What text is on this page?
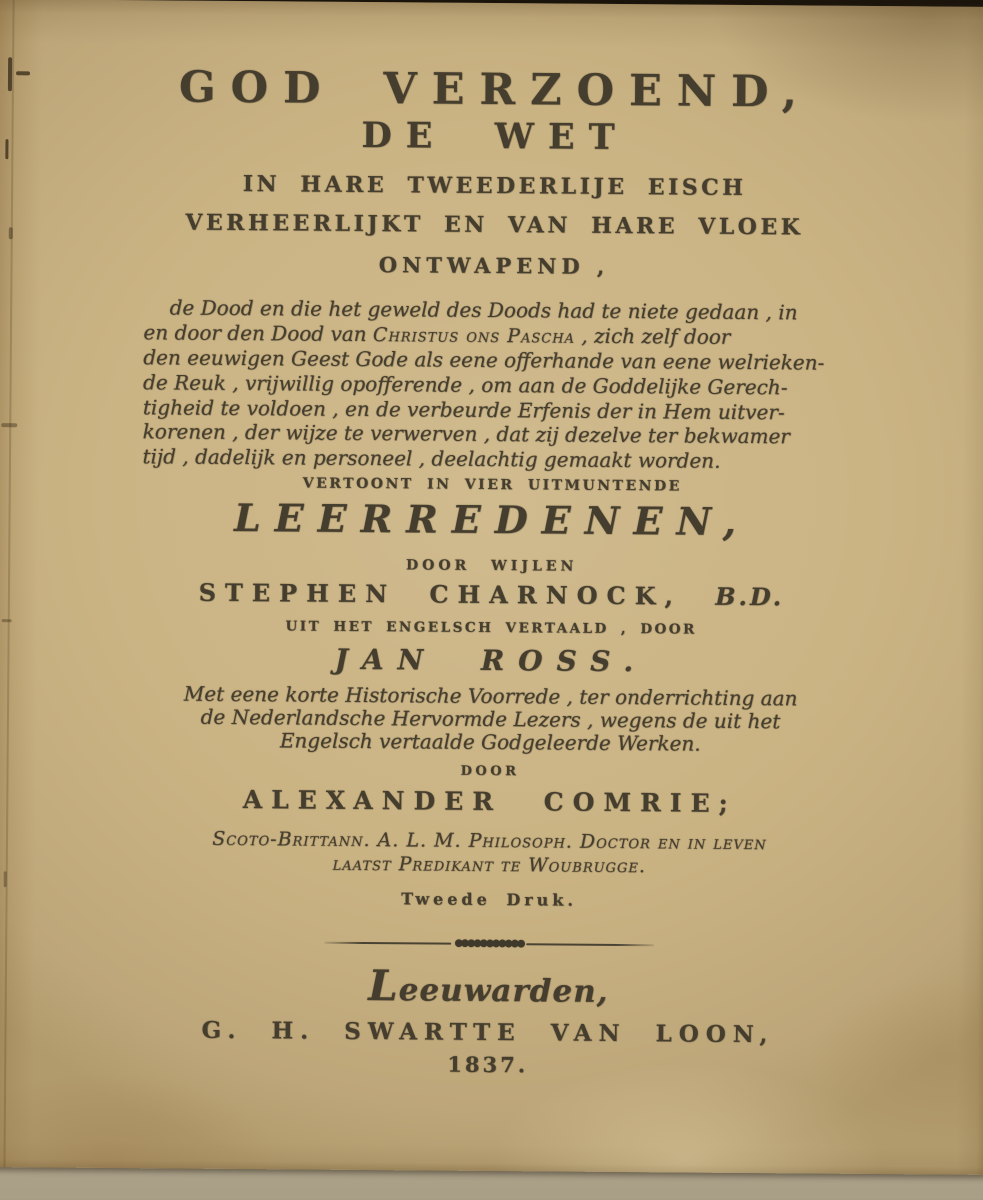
GOD VERZOEND,
DE WET
IN HARE TWEEDERLIJE EISCH
VERHEERLIJKT EN VAN HARE VLOEK
ONTWAPEND ,
de Dood en die het geweld des Doods had te niete gedaan , in
en door den Dood van Christus ons Pascha , zich zelf door
den eeuwigen Geest Gode als eene offerhande van eene welrieken-
de Reuk , vrijwillig opofferende , om aan de Goddelijke Gerech-
tigheid te voldoen , en de verbeurde Erfenis der in Hem uitver-
korenen , der wijze te verwerven , dat zij dezelve ter bekwamer
tijd , dadelijk en personeel , deelachtig gemaakt worden.
VERTOONT IN VIER UITMUNTENDE
LEERREDENEN,
DOOR WIJLEN
STEPHEN CHARNOCK, B.D.
UIT HET ENGELSCH VERTAALD , DOOR
JAN ROSS.
Met eene korte Historische Voorrede , ter onderrichting aan
de Nederlandsche Hervormde Lezers , wegens de uit het
Engelsch vertaalde Godgeleerde Werken.
DOOR
ALEXANDER COMRIE;
Scoto-Brittann. A. L. M. Philosoph. Doctor en in leven
laatst Predikant te Woubrugge.
Tweede Druk.
●●●●●●●●●●●
Leeuwarden,
G. H. SWARTTE VAN LOON,
1837.
